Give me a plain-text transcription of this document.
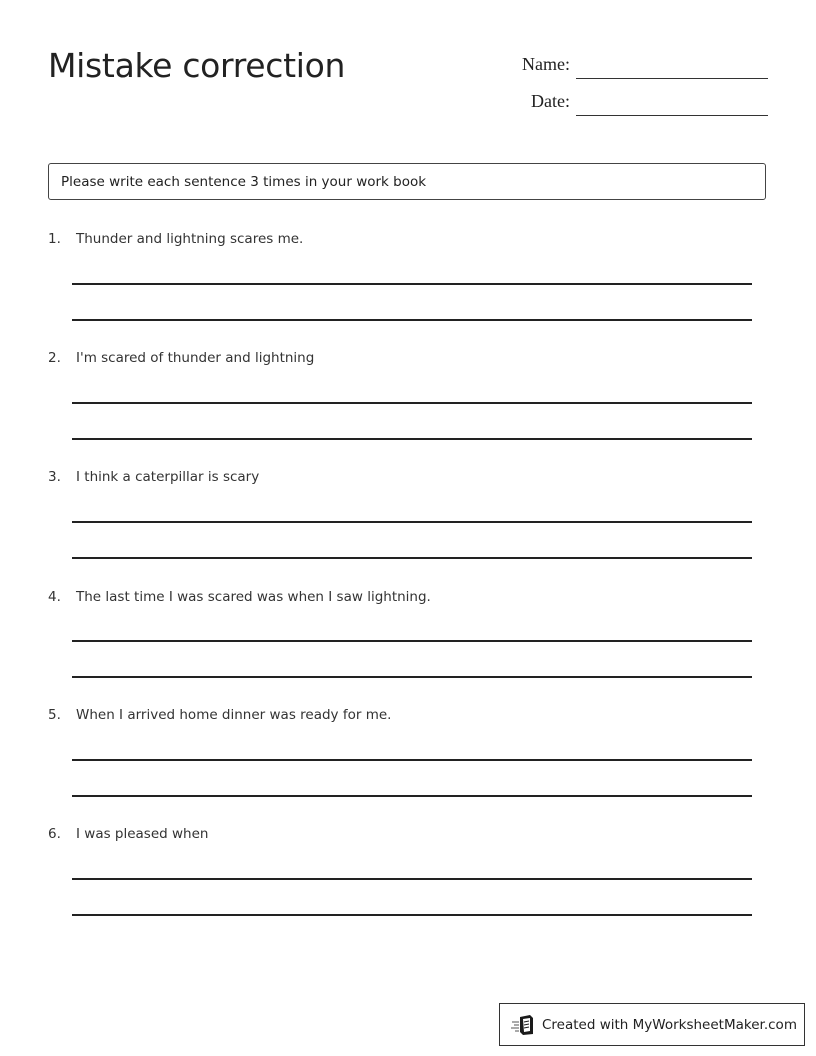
Mistake correction	Name:
Date:
Please write each sentence 3 times in your work book
1. Thunder and lightning scares me.
2. I'm scared of thunder and lightning
3. I think a caterpillar is scary
4. The last time I was scared was when I saw lightning.
5. When I arrived home dinner was ready for me.
6. I was pleased when
Created with MyWorksheetMaker.com
